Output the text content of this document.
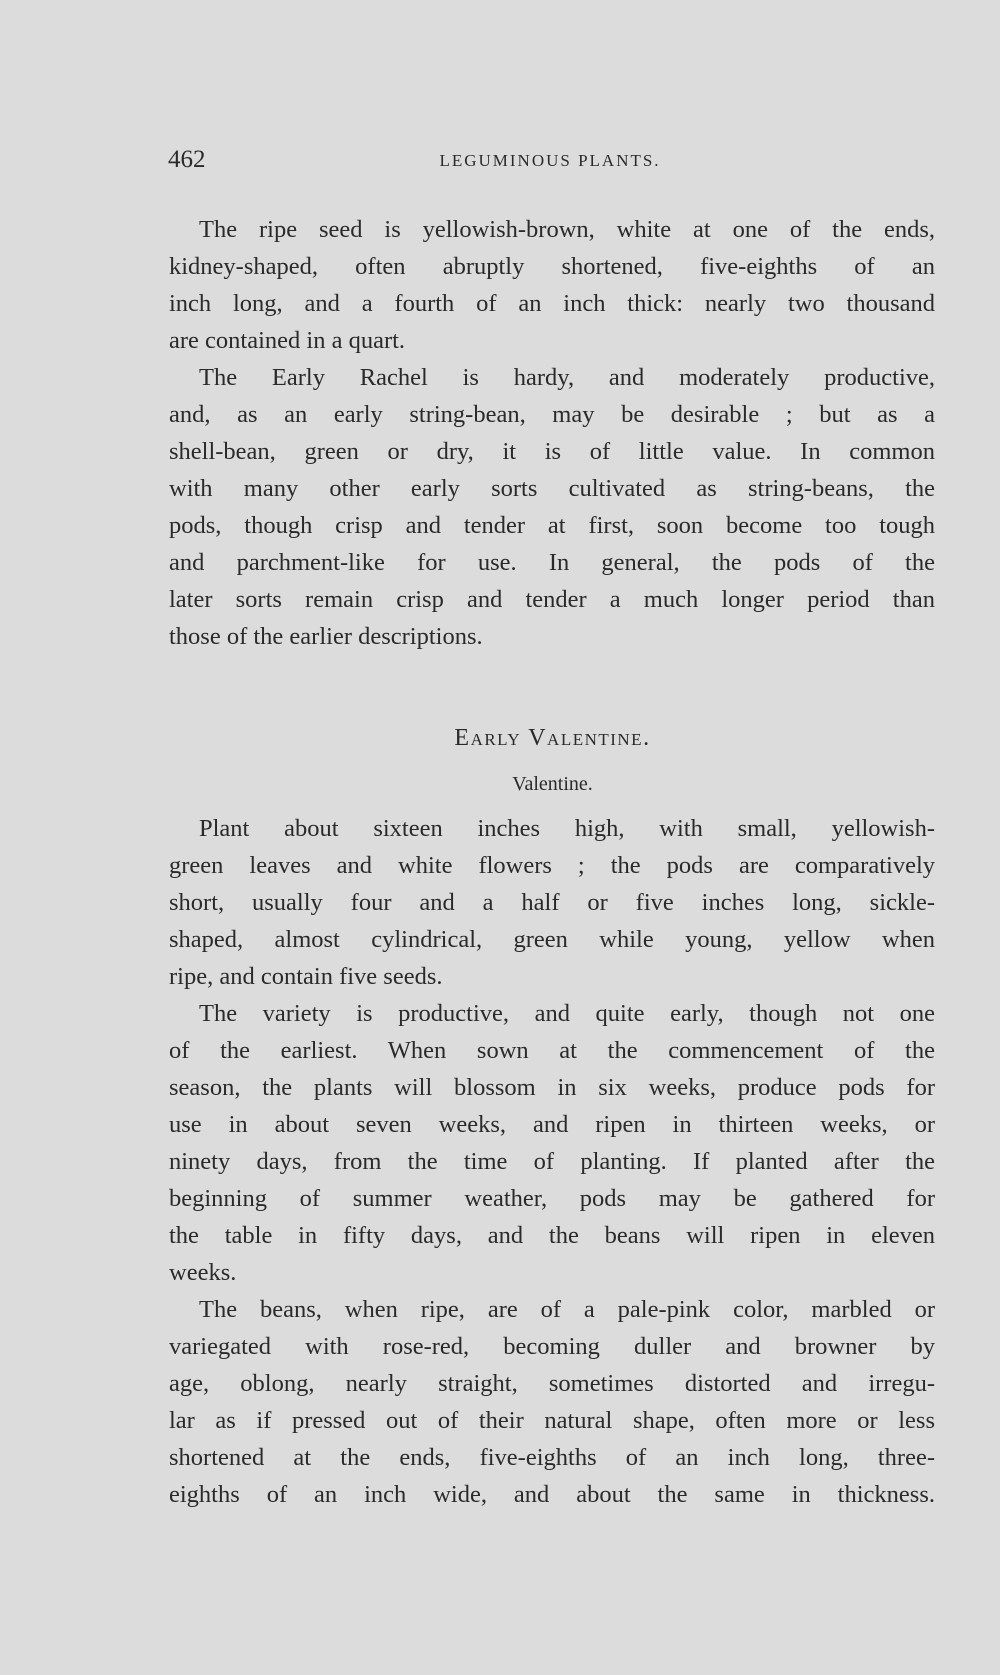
462	LEGUMINOUS PLANTS.
The ripe seed is yellowish-brown, white at one of the ends,
kidney-shaped, often abruptly shortened, five-eighths of an
inch long, and a fourth of an inch thick: nearly two thousand
are contained in a quart.
The Early Rachel is hardy, and moderately productive,
and, as an early string-bean, may be desirable ; but as a
shell-bean, green or dry, it is of little value. In common
with many other early sorts cultivated as string-beans, the
pods, though crisp and tender at first, soon become too tough
and parchment-like for use. In general, the pods of the
later sorts remain crisp and tender a much longer period than
those of the earlier descriptions.
Early Valentine.
Valentine.
Plant about sixteen inches high, with small, yellowish-
green leaves and white flowers ; the pods are comparatively
short, usually four and a half or five inches long, sickle-
shaped, almost cylindrical, green while young, yellow when
ripe, and contain five seeds.
The variety is productive, and quite early, though not one
of the earliest. When sown at the commencement of the
season, the plants will blossom in six weeks, produce pods for
use in about seven weeks, and ripen in thirteen weeks, or
ninety days, from the time of planting. If planted after the
beginning of summer weather, pods may be gathered for
the table in fifty days, and the beans will ripen in eleven
weeks.
The beans, when ripe, are of a pale-pink color, marbled or
variegated with rose-red, becoming duller and browner by
age, oblong, nearly straight, sometimes distorted and irregu-
lar as if pressed out of their natural shape, often more or less
shortened at the ends, five-eighths of an inch long, three-
eighths of an inch wide, and about the same in thickness.
